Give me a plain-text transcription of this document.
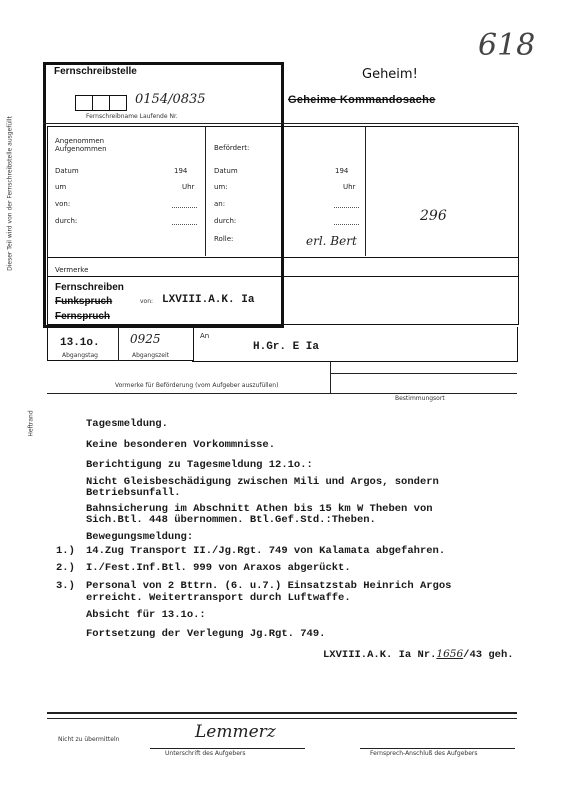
Dieser Teil wird von der Fernschreibstelle ausgefüllt
Heftrand
Fernschreibstelle
0154/0835
Fernschreibname Laufende Nr.
Geheim!
618
Geheime Kommandosache
Angenommen
Aufgenommen
Datum	194
um	Uhr
von:
durch:
Befördert:
Datum	194
um:	Uhr
an:
durch:
Rolle:	erl. Bert
296
Vermerke
Fernschreiben
Funkspruch
Fernspruch
von: LXVIII.A.K. Ia
13.1o.
Abgangstag
0925
Abgangszeit
An
H.Gr. E Ia
Vormerke für Beförderung (vom Aufgeber auszufüllen)
Bestimmungsort
Tagesmeldung.
Keine besonderen Vorkommnisse.
Berichtigung zu Tagesmeldung 12.1o.:
Nicht Gleisbeschädigung zwischen Mili und Argos, sondern
Betriebsunfall.
Bahnsicherung im Abschnitt Athen bis 15 km W Theben von
Sich.Btl. 448 übernommen. Btl.Gef.Std.:Theben.
Bewegungsmeldung:
1.) 14.Zug Transport II./Jg.Rgt. 749 von Kalamata abgefahren.
2.) I./Fest.Inf.Btl. 999 von Araxos abgerückt.
3.) Personal von 2 Bttrn. (6. u.7.) Einsatzstab Heinrich Argos
erreicht. Weitertransport durch Luftwaffe.
Absicht für 13.1o.:
Fortsetzung der Verlegung Jg.Rgt. 749.
LXVIII.A.K. Ia Nr.1656/43 geh.
Lemmerz
Nicht zu übermitteln
Unterschrift des Aufgebers	Fernsprech-Anschluß des Aufgebers
